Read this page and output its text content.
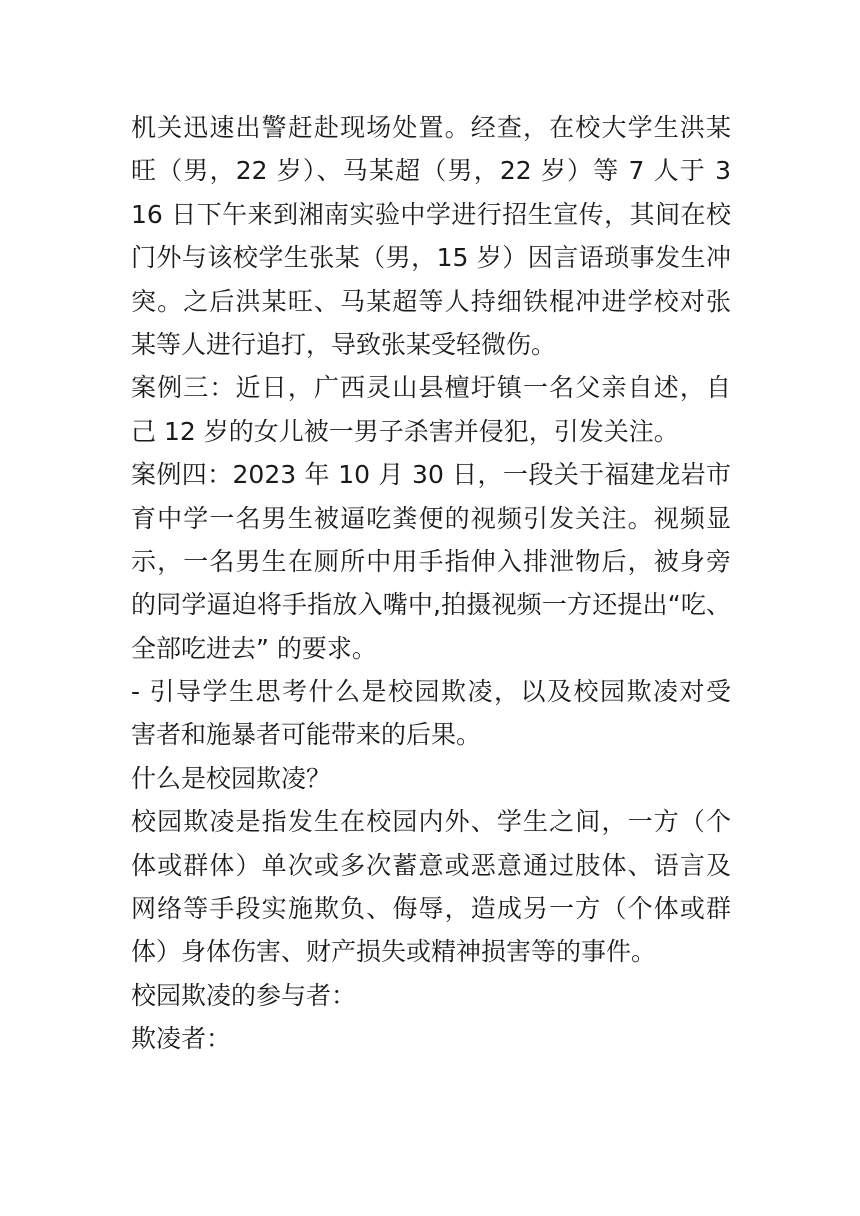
机关迅速出警赶赴现场处置。经查，在校大学生洪某
旺（男，22 岁）、马某超（男，22 岁）等 7 人于 3
16 日下午来到湘南实验中学进行招生宣传，其间在校
门外与该校学生张某（男，15 岁）因言语琐事发生冲
突。之后洪某旺、马某超等人持细铁棍冲进学校对张
某等人进行追打，导致张某受轻微伤。
案例三：近日，广西灵山县檀圩镇一名父亲自述，自
己 12 岁的女儿被一男子杀害并侵犯，引发关注。
案例四：2023 年 10 月 30 日，一段关于福建龙岩市
育中学一名男生被逼吃粪便的视频引发关注。视频显
示，一名男生在厕所中用手指伸入排泄物后，被身旁
的同学逼迫将手指放入嘴中,拍摄视频一方还提出“吃、
全部吃进去” 的要求。
- 引导学生思考什么是校园欺凌，以及校园欺凌对受
害者和施暴者可能带来的后果。
什么是校园欺凌？
校园欺凌是指发生在校园内外、学生之间，一方（个
体或群体）单次或多次蓄意或恶意通过肢体、语言及
网络等手段实施欺负、侮辱，造成另一方（个体或群
体）身体伤害、财产损失或精神损害等的事件。
校园欺凌的参与者：
欺凌者：
